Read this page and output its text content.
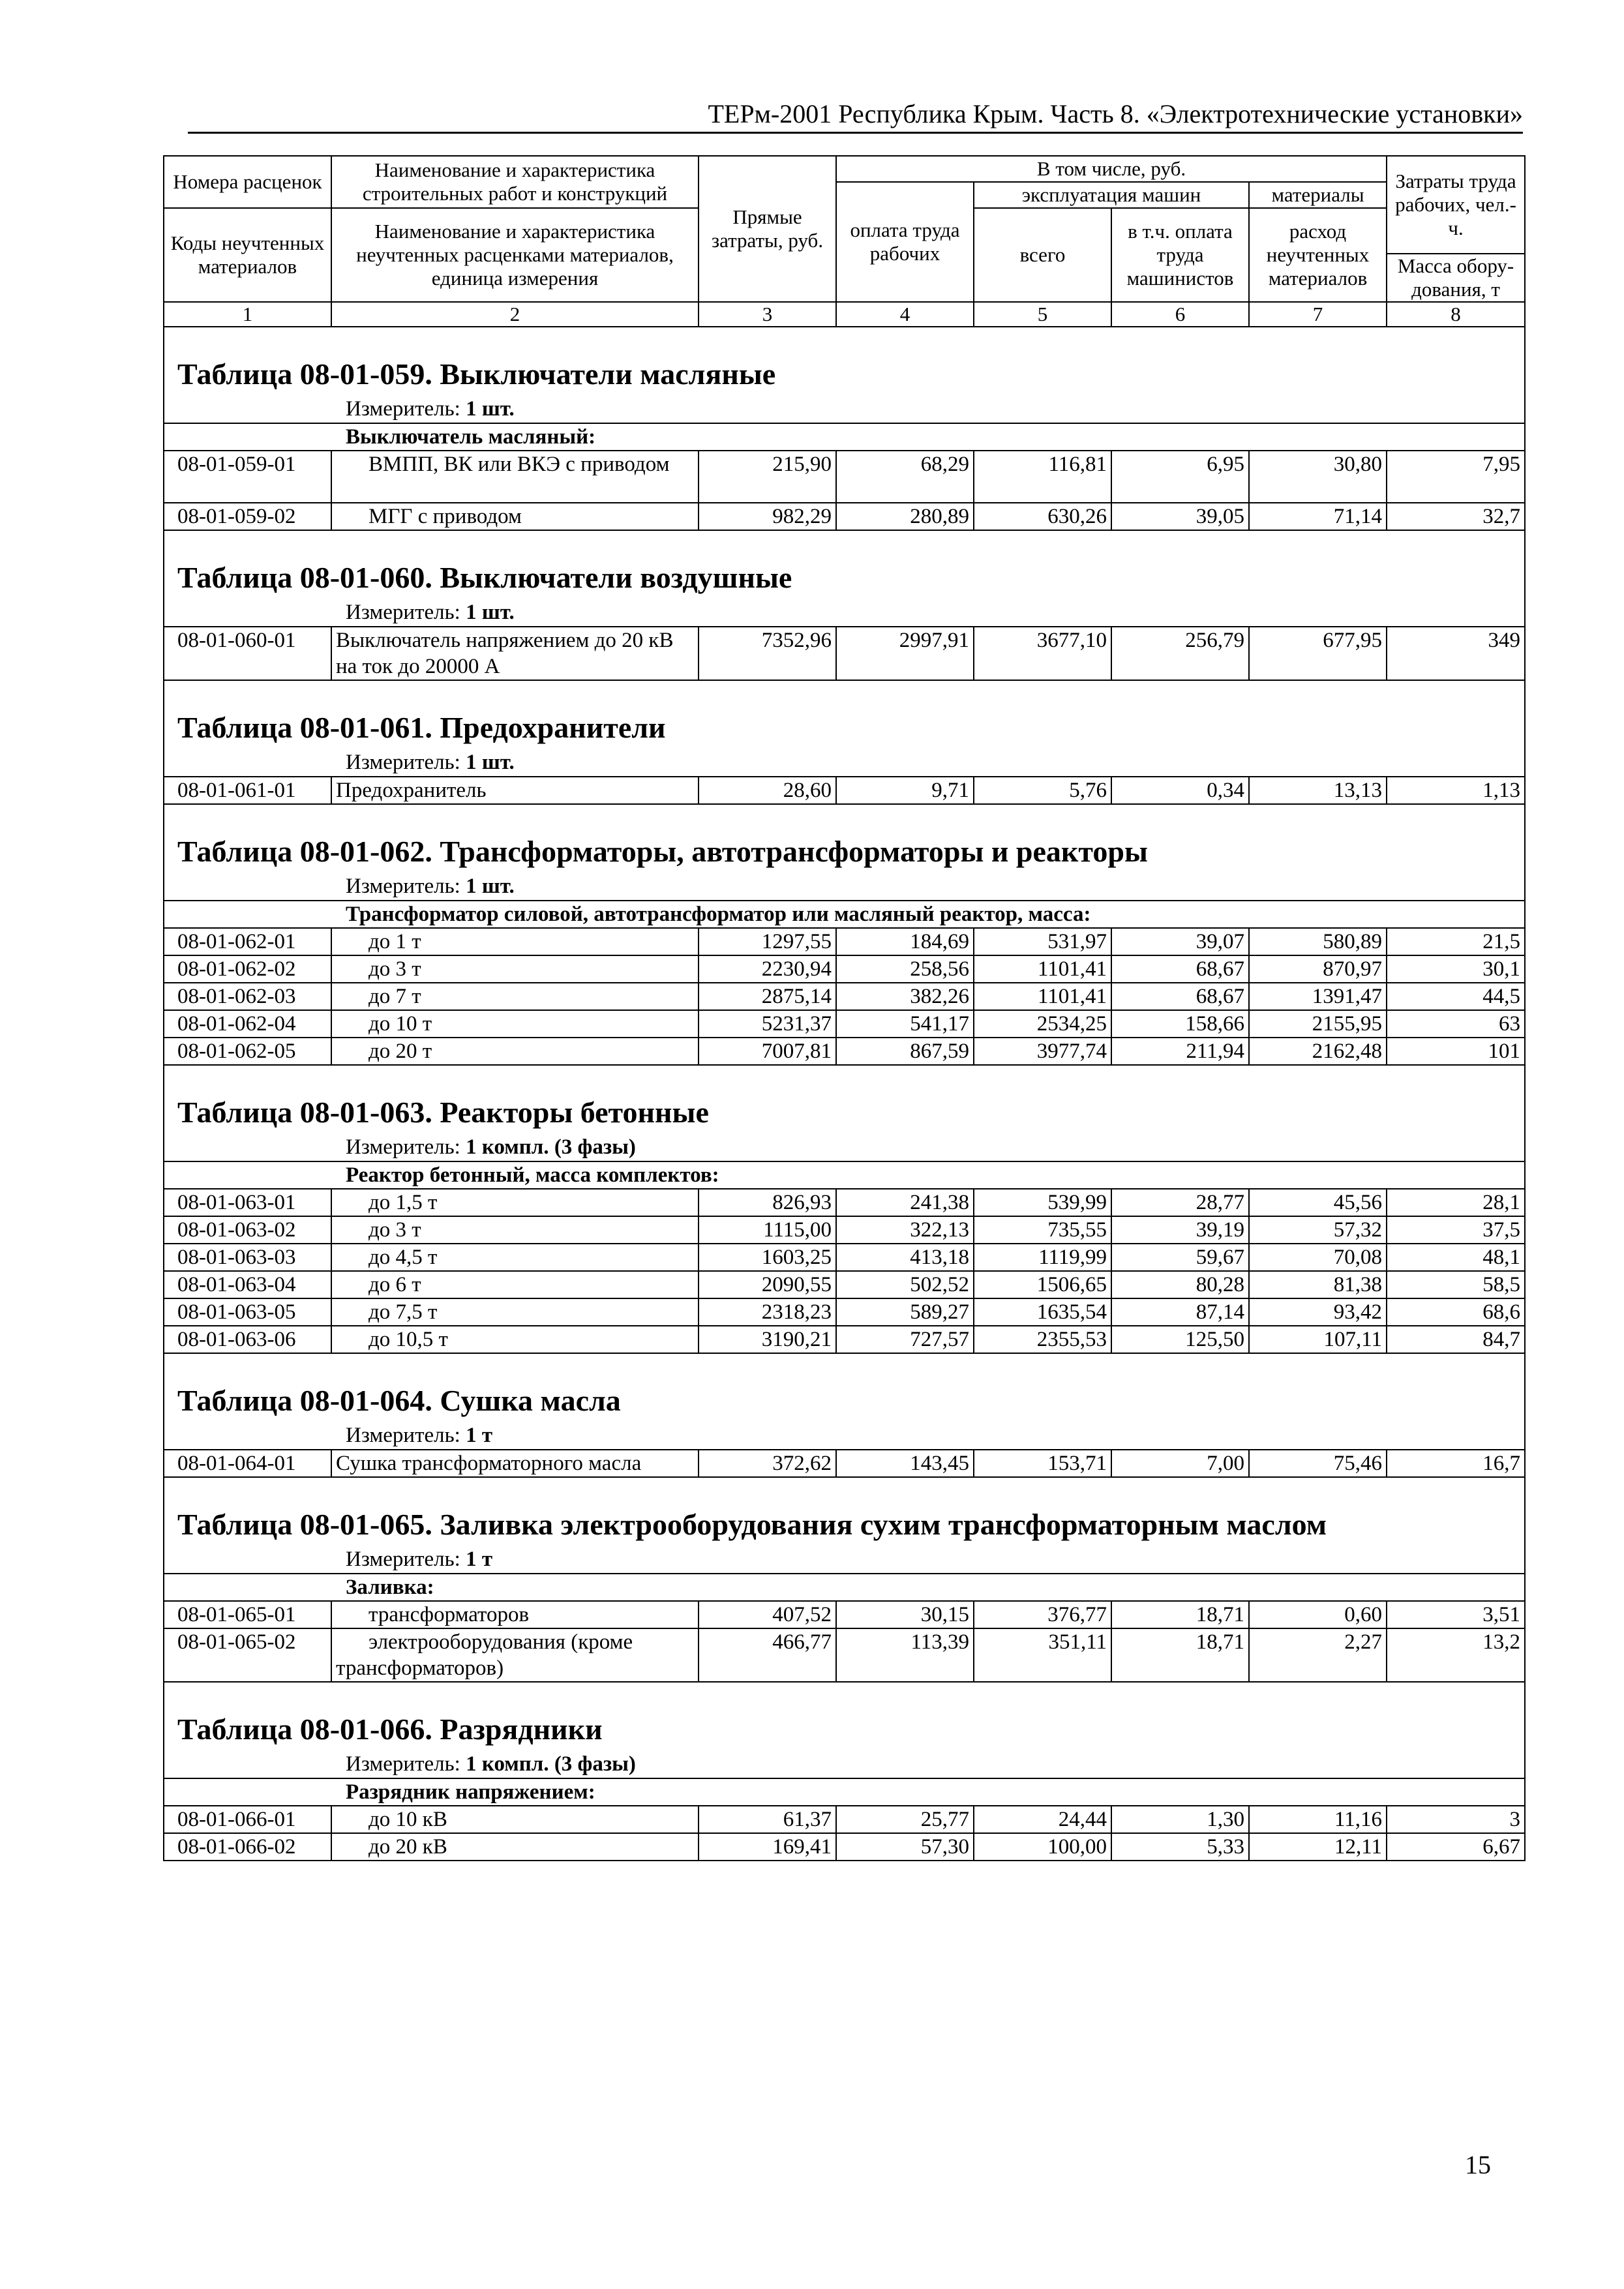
ТЕРм-2001 Республика Крым. Часть 8. «Электротехнические установки»
Номера расценок	Наименование и характеристика строительных работ и конструкций	Прямые затраты, руб.	В том числе, руб.				Затраты труда рабочих, чел.-ч.
			оплата труда рабочих	эксплуатация машин		материалы	
Коды неучтенных материалов	Наименование и характеристика неучтенных расценками материалов, единица измерения			всего	в т.ч. оплата труда машинистов	расход неучтенных материалов	
							Масса обору-дования, т
1	2	3	4	5	6	7	8
Таблица 08-01-059. Выключатели масляные							
Измеритель: 1 шт.							
Выключатель масляный:							
08-01-059-01	ВМПП, ВК или ВКЭ с приводом	215,90	68,29	116,81	6,95	30,80	7,95
08-01-059-02	МГГ с приводом	982,29	280,89	630,26	39,05	71,14	32,7
Таблица 08-01-060. Выключатели воздушные							
Измеритель: 1 шт.							
08-01-060-01	Выключатель напряжением до 20 кВ на ток до 20000 А	7352,96	2997,91	3677,10	256,79	677,95	349
Таблица 08-01-061. Предохранители							
Измеритель: 1 шт.							
08-01-061-01	Предохранитель	28,60	9,71	5,76	0,34	13,13	1,13
Таблица 08-01-062. Трансформаторы, автотрансформаторы и реакторы							
Измеритель: 1 шт.							
Трансформатор силовой, автотрансформатор или масляный реактор, масса:							
08-01-062-01	до 1 т	1297,55	184,69	531,97	39,07	580,89	21,5
08-01-062-02	до 3 т	2230,94	258,56	1101,41	68,67	870,97	30,1
08-01-062-03	до 7 т	2875,14	382,26	1101,41	68,67	1391,47	44,5
08-01-062-04	до 10 т	5231,37	541,17	2534,25	158,66	2155,95	63
08-01-062-05	до 20 т	7007,81	867,59	3977,74	211,94	2162,48	101
Таблица 08-01-063. Реакторы бетонные							
Измеритель: 1 компл. (3 фазы)							
Реактор бетонный, масса комплектов:							
08-01-063-01	до 1,5 т	826,93	241,38	539,99	28,77	45,56	28,1
08-01-063-02	до 3 т	1115,00	322,13	735,55	39,19	57,32	37,5
08-01-063-03	до 4,5 т	1603,25	413,18	1119,99	59,67	70,08	48,1
08-01-063-04	до 6 т	2090,55	502,52	1506,65	80,28	81,38	58,5
08-01-063-05	до 7,5 т	2318,23	589,27	1635,54	87,14	93,42	68,6
08-01-063-06	до 10,5 т	3190,21	727,57	2355,53	125,50	107,11	84,7
Таблица 08-01-064. Сушка масла							
Измеритель: 1 т							
08-01-064-01	Сушка трансформаторного масла	372,62	143,45	153,71	7,00	75,46	16,7
Таблица 08-01-065. Заливка электрооборудования сухим трансформаторным маслом							
Измеритель: 1 т							
Заливка:							
08-01-065-01	трансформаторов	407,52	30,15	376,77	18,71	0,60	3,51
08-01-065-02	электрооборудования (кроме трансформаторов)	466,77	113,39	351,11	18,71	2,27	13,2
Таблица 08-01-066. Разрядники							
Измеритель: 1 компл. (3 фазы)							
Разрядник напряжением:							
08-01-066-01	до 10 кВ	61,37	25,77	24,44	1,30	11,16	3
08-01-066-02	до 20 кВ	169,41	57,30	100,00	5,33	12,11	6,67
15
